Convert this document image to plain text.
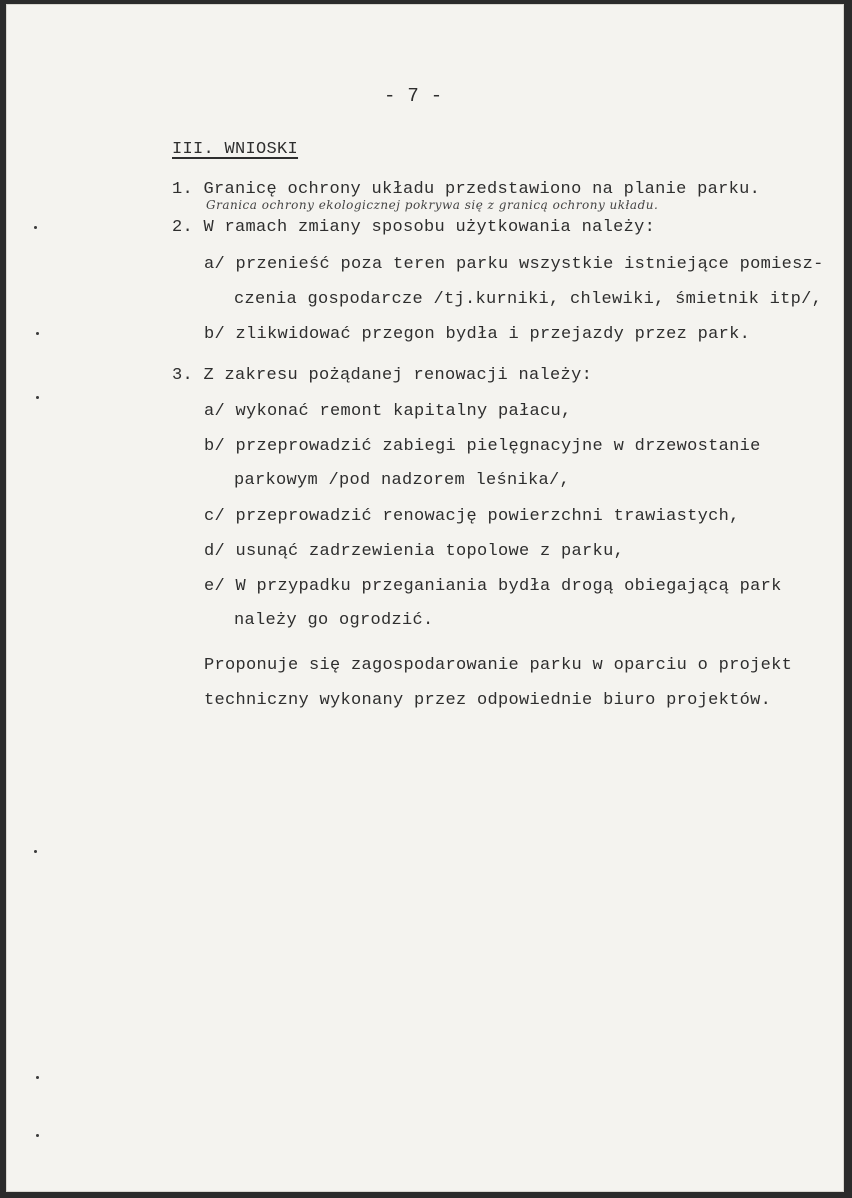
- 7 -
III. WNIOSKI
1. Granicę ochrony układu przedstawiono na planie parku.
Granica ochrony ekologicznej pokrywa się z granicą ochrony układu.
2. W ramach zmiany sposobu użytkowania należy:
a/ przenieść poza teren parku wszystkie istniejące pomiesz-
czenia gospodarcze /tj.kurniki, chlewiki, śmietnik itp/,
b/ zlikwidować przegon bydła i przejazdy przez park.
3. Z zakresu pożądanej renowacji należy:
a/ wykonać remont kapitalny pałacu,
b/ przeprowadzić zabiegi pielęgnacyjne w drzewostanie
parkowym /pod nadzorem leśnika/,
c/ przeprowadzić renowację powierzchni trawiastych,
d/ usunąć zadrzewienia topolowe z parku,
e/ W przypadku przeganiania bydła drogą obiegającą park
należy go ogrodzić.
Proponuje się zagospodarowanie parku w oparciu o projekt
techniczny wykonany przez odpowiednie biuro projektów.
